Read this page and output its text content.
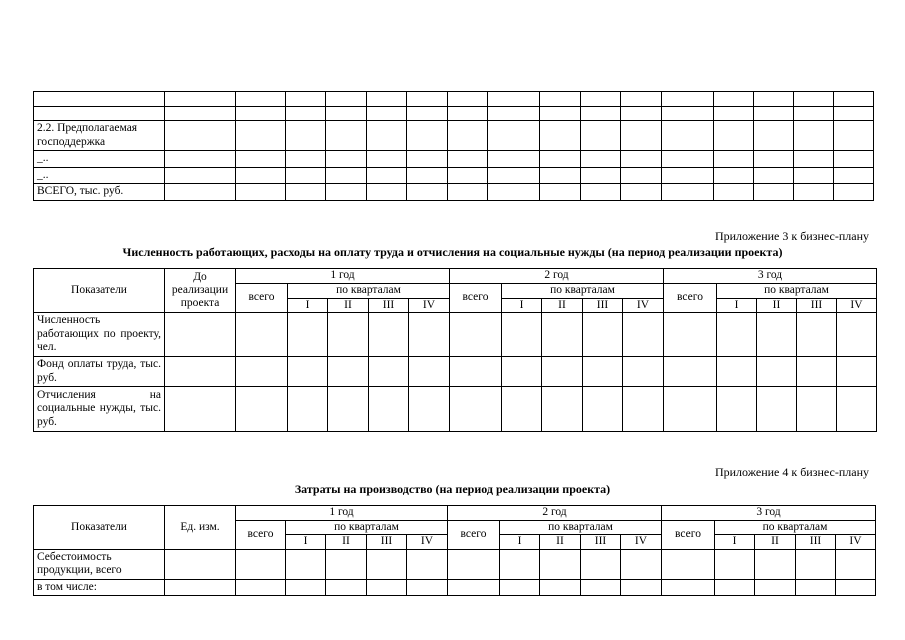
2.2. Предполагаемая господдержка																
_..																
_..																
ВСЕГО, тыс. руб.																
Приложение 3 к бизнес-плану
Численность работающих, расходы на оплату труда и отчисления на социальные нужды (на период реализации проекта)
Показатели	До реализации проекта	1 год					2 год					3 год				
		всего	по кварталам				всего	по кварталам				всего	по кварталам			
			I	II	III	IV		I	II	III	IV		I	II	III	IV
Численность работающих по проекту, чел.																
Фонд оплаты труда, тыс. руб.																
Отчисления на социальные нужды, тыс. руб.																
Приложение 4 к бизнес-плану
Затраты на производство (на период реализации проекта)
Показатели	Ед. изм.	1 год					2 год					3 год				
		всего	по кварталам				всего	по кварталам				всего	по кварталам			
			I	II	III	IV		I	II	III	IV		I	II	III	IV
Себестоимость продукции, всего																
в том числе:																
